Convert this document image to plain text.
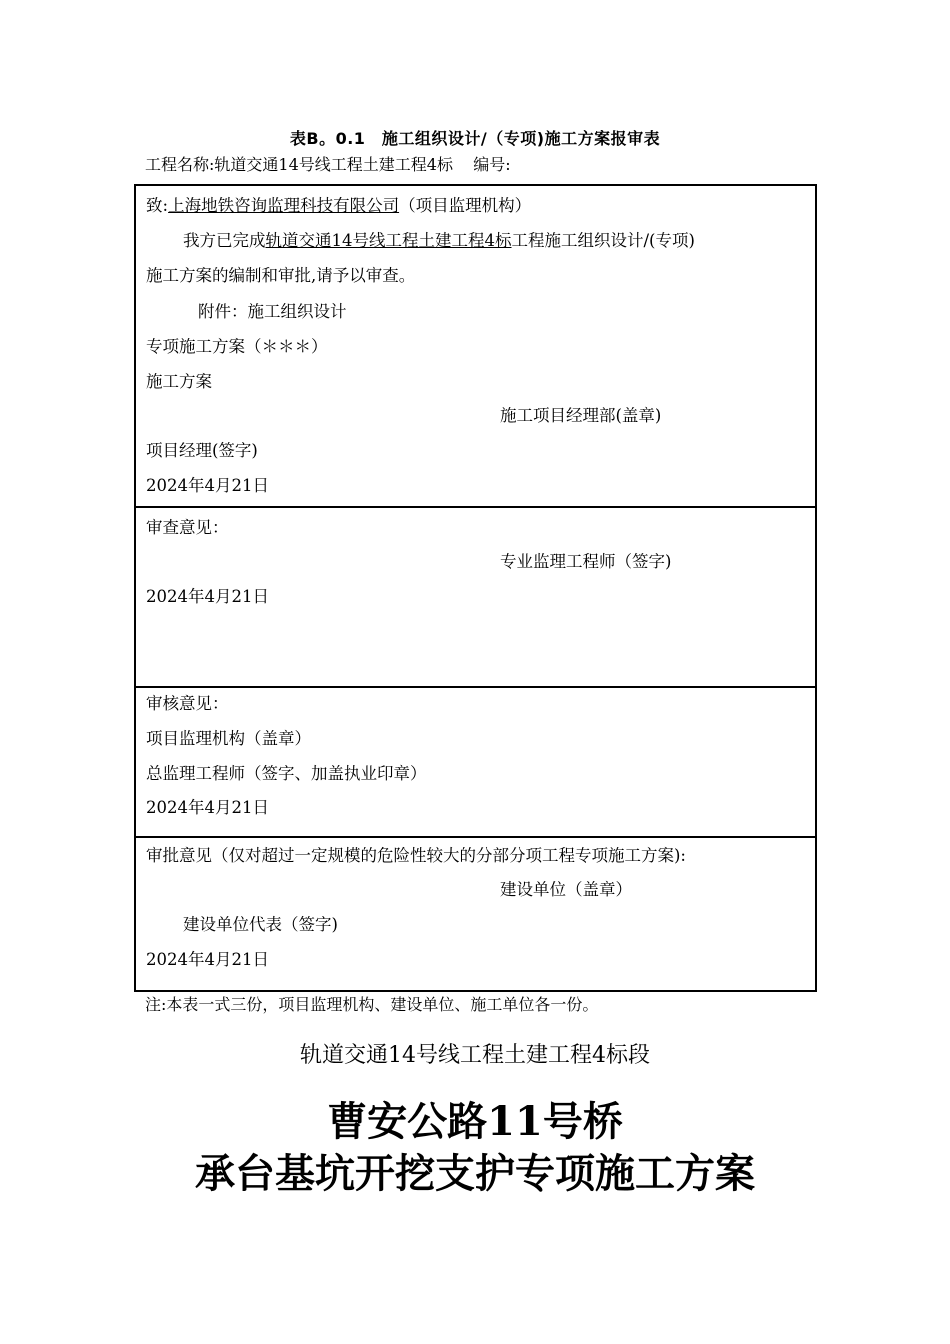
表B。0.1　施工组织设计/（专项)施工方案报审表
工程名称:轨道交通14号线工程土建工程4标 编号:
致:上海地铁咨询监理科技有限公司（项目监理机构）
我方已完成轨道交通14号线工程土建工程4标工程施工组织设计/(专项)
施工方案的编制和审批,请予以审查。
附件：施工组织设计
专项施工方案（＊＊＊）
施工方案
施工项目经理部(盖章)
项目经理(签字)
2024年4月21日
审查意见：
专业监理工程师（签字)
2024年4月21日
审核意见：
项目监理机构（盖章）
总监理工程师（签字、加盖执业印章）
2024年4月21日
审批意见（仅对超过一定规模的危险性较大的分部分项工程专项施工方案):
建设单位（盖章）
建设单位代表（签字)
2024年4月21日
注:本表一式三份，项目监理机构、建设单位、施工单位各一份。
轨道交通14号线工程土建工程4标段
曹安公路11号桥
承台基坑开挖支护专项施工方案
